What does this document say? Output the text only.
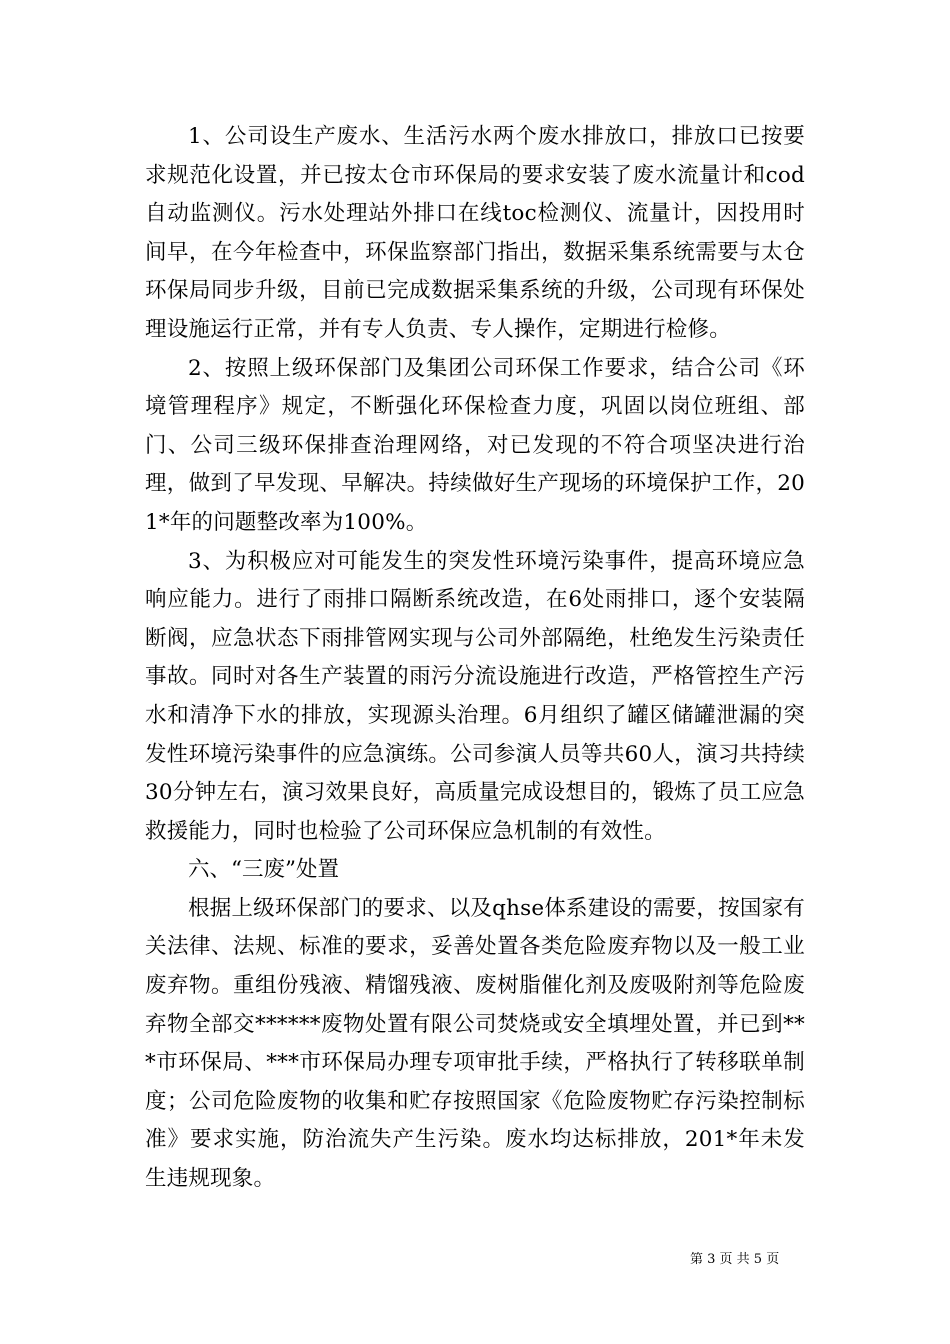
1、公司设生产废水、生活污水两个废水排放口，排放口已按要求规范化设置，并已按太仓市环保局的要求安装了废水流量计和cod自动监测仪。污水处理站外排口在线toc检测仪、流量计，因投用时间早，在今年检查中，环保监察部门指出，数据采集系统需要与太仓环保局同步升级，目前已完成数据采集系统的升级，公司现有环保处理设施运行正常，并有专人负责、专人操作，定期进行检修。

2、按照上级环保部门及集团公司环保工作要求，结合公司《环境管理程序》规定，不断强化环保检查力度，巩固以岗位班组、部门、公司三级环保排查治理网络，对已发现的不符合项坚决进行治理，做到了早发现、早解决。持续做好生产现场的环境保护工作，201*年的问题整改率为100%。

3、为积极应对可能发生的突发性环境污染事件，提高环境应急响应能力。进行了雨排口隔断系统改造，在6处雨排口，逐个安装隔断阀，应急状态下雨排管网实现与公司外部隔绝，杜绝发生污染责任事故。同时对各生产装置的雨污分流设施进行改造，严格管控生产污水和清净下水的排放，实现源头治理。6月组织了罐区储罐泄漏的突发性环境污染事件的应急演练。公司参演人员等共60人，演习共持续30分钟左右，演习效果良好，高质量完成设想目的，锻炼了员工应急救援能力，同时也检验了公司环保应急机制的有效性。

六、“三废”处置

根据上级环保部门的要求、以及qhse体系建设的需要，按国家有关法律、法规、标准的要求，妥善处置各类危险废弃物以及一般工业废弃物。重组份残液、精馏残液、废树脂催化剂及废吸附剂等危险废弃物全部交******废物处置有限公司焚烧或安全填埋处置，并已到***市环保局、***市环保局办理专项审批手续，严格执行了转移联单制度；公司危险废物的收集和贮存按照国家《危险废物贮存污染控制标准》要求实施，防治流失产生污染。废水均达标排放，201*年未发生违规现象。

第 3 页 共 5 页
